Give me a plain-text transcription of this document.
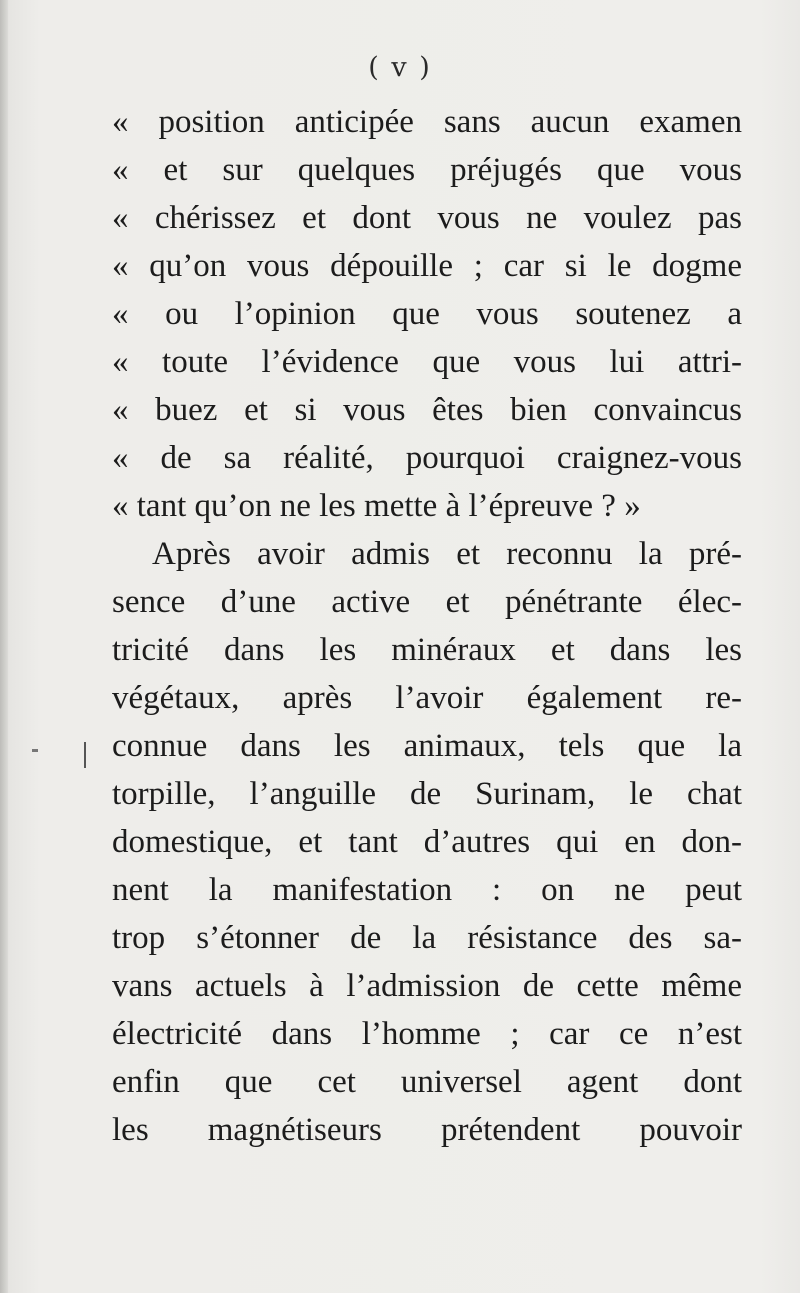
( v )
« position anticipée sans aucun examen
« et sur quelques préjugés que vous
« chérissez et dont vous ne voulez pas
« qu’on vous dépouille ; car si le dogme
« ou l’opinion que vous soutenez a
« toute l’évidence que vous lui attri-
« buez et si vous êtes bien convaincus
« de sa réalité, pourquoi craignez-vous
« tant qu’on ne les mette à l’épreuve ? »
Après avoir admis et reconnu la pré-
sence d’une active et pénétrante élec-
tricité dans les minéraux et dans les
végétaux, après l’avoir également re-
connue dans les animaux, tels que la
torpille, l’anguille de Surinam, le chat
domestique, et tant d’autres qui en don-
nent la manifestation : on ne peut
trop s’étonner de la résistance des sa-
vans actuels à l’admission de cette même
électricité dans l’homme ; car ce n’est
enfin que cet universel agent dont
les magnétiseurs prétendent pouvoir
